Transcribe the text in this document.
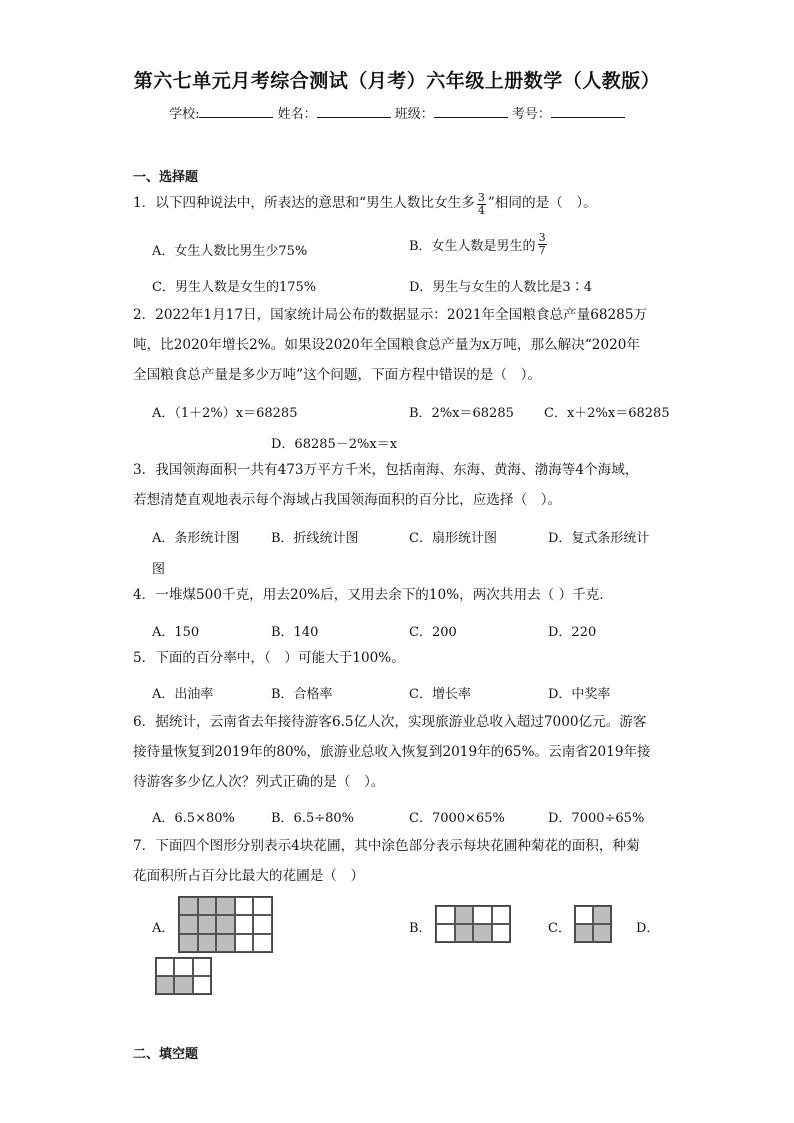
第六七单元月考综合测试（月考）六年级上册数学（人教版）
学校:	姓名：	班级：	考号：
一、选择题
1．以下四种说法中，所表达的意思和“男生人数比女生多 $\frac{3}{4}$ ”相同的是（　）。
A．女生人数比男生少75%	B．女生人数是男生的 $\frac{3}{7}$
C．男生人数是女生的175%	D．男生与女生的人数比是3∶4
2．2022年1月17日，国家统计局公布的数据显示：2021年全国粮食总产量68285万
吨，比2020年增长2%。如果设2020年全国粮食总产量为x万吨，那么解决“2020年
全国粮食总产量是多少万吨”这个问题，下面方程中错误的是（　）。
A．（1＋2%）x＝68285	B．2%x＝68285 C．x＋2%x＝68285
D．68285－2%x＝x
3．我国领海面积一共有473万平方千米，包括南海、东海、黄海、渤海等4个海域，
若想清楚直观地表示每个海域占我国领海面积的百分比，应选择（　）。
A．条形统计图 B．折线统计图	C．扇形统计图	D．复式条形统计
图
4．一堆煤500千克，用去20%后，又用去余下的10%，两次共用去（ ）千克．
A．150	B．140	C．200	D．220
5．下面的百分率中，（　）可能大于100%。
A．出油率	B．合格率	C．增长率	D．中奖率
6．据统计，云南省去年接待游客6.5亿人次，实现旅游业总收入超过7000亿元。游客
接待量恢复到2019年的80%，旅游业总收入恢复到2019年的65%。云南省2019年接
待游客多少亿人次？列式正确的是（　）。
A．6.5×80%	B．6.5÷80%	C．7000×65%	D．7000÷65%
7．下面四个图形分别表示4块花圃，其中涂色部分表示每块花圃种菊花的面积，种菊
花面积所占百分比最大的花圃是（　）
A．	B．	C．	D．
二、填空题
